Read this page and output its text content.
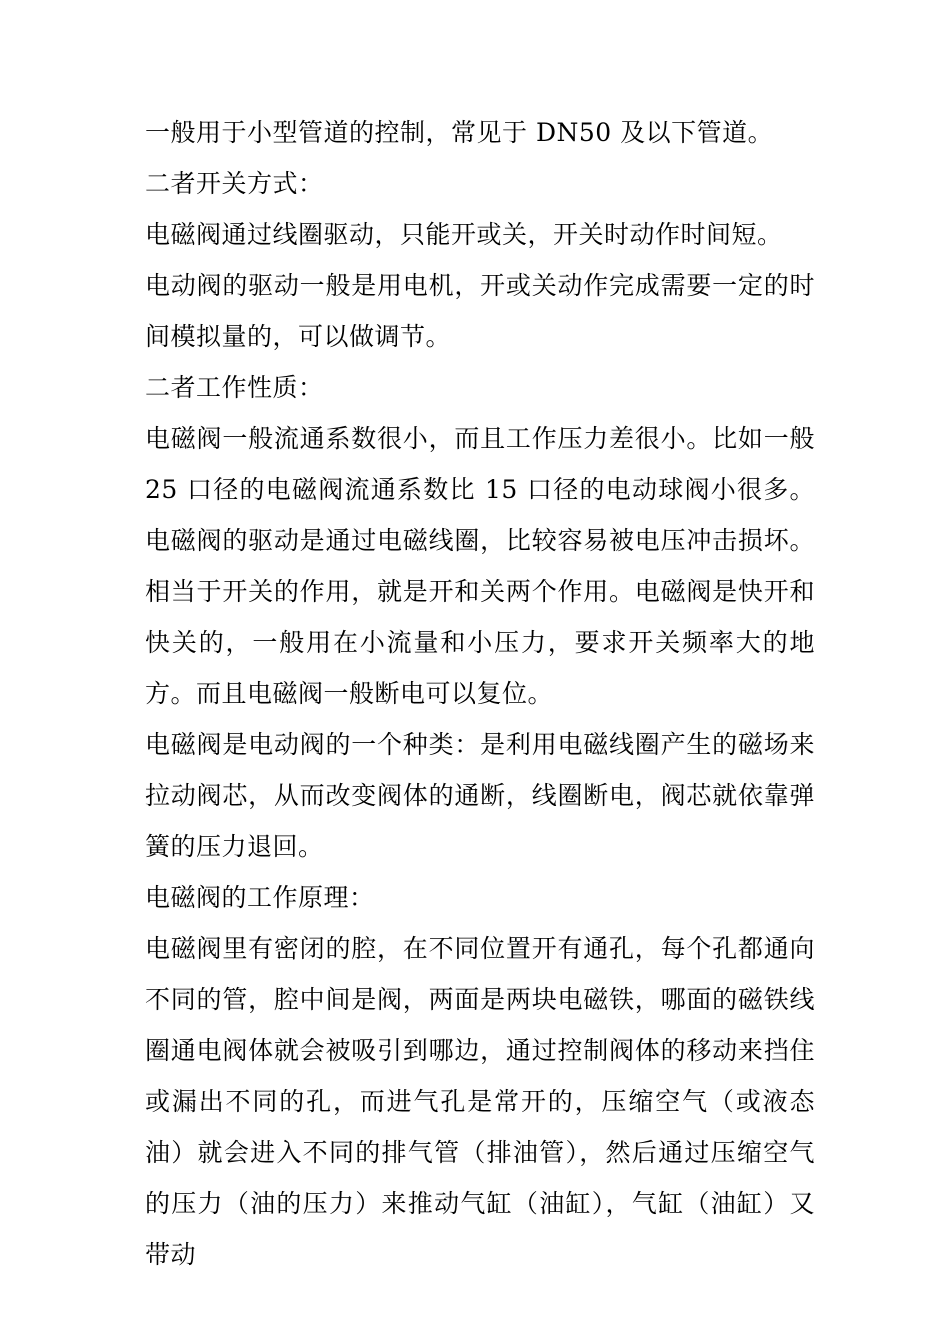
一般用于小型管道的控制，常见于 DN50 及以下管道。

二者开关方式：

电磁阀通过线圈驱动，只能开或关，开关时动作时间短。

电动阀的驱动一般是用电机，开或关动作完成需要一定的时间模拟量的，可以做调节。

二者工作性质：

电磁阀一般流通系数很小，而且工作压力差很小。比如一般 25 口径的电磁阀流通系数比 15 口径的电动球阀小很多。电磁阀的驱动是通过电磁线圈，比较容易被电压冲击损坏。相当于开关的作用，就是开和关两个作用。电磁阀是快开和快关的，一般用在小流量和小压力，要求开关频率大的地方。而且电磁阀一般断电可以复位。

电磁阀是电动阀的一个种类：是利用电磁线圈产生的磁场来拉动阀芯，从而改变阀体的通断，线圈断电，阀芯就依靠弹簧的压力退回。

电磁阀的工作原理：

电磁阀里有密闭的腔，在不同位置开有通孔，每个孔都通向不同的管，腔中间是阀，两面是两块电磁铁，哪面的磁铁线圈通电阀体就会被吸引到哪边，通过控制阀体的移动来挡住或漏出不同的孔，而进气孔是常开的，压缩空气（或液态油）就会进入不同的排气管（排油管），然后通过压缩空气的压力（油的压力）来推动气缸（油缸），气缸（油缸）又带动
